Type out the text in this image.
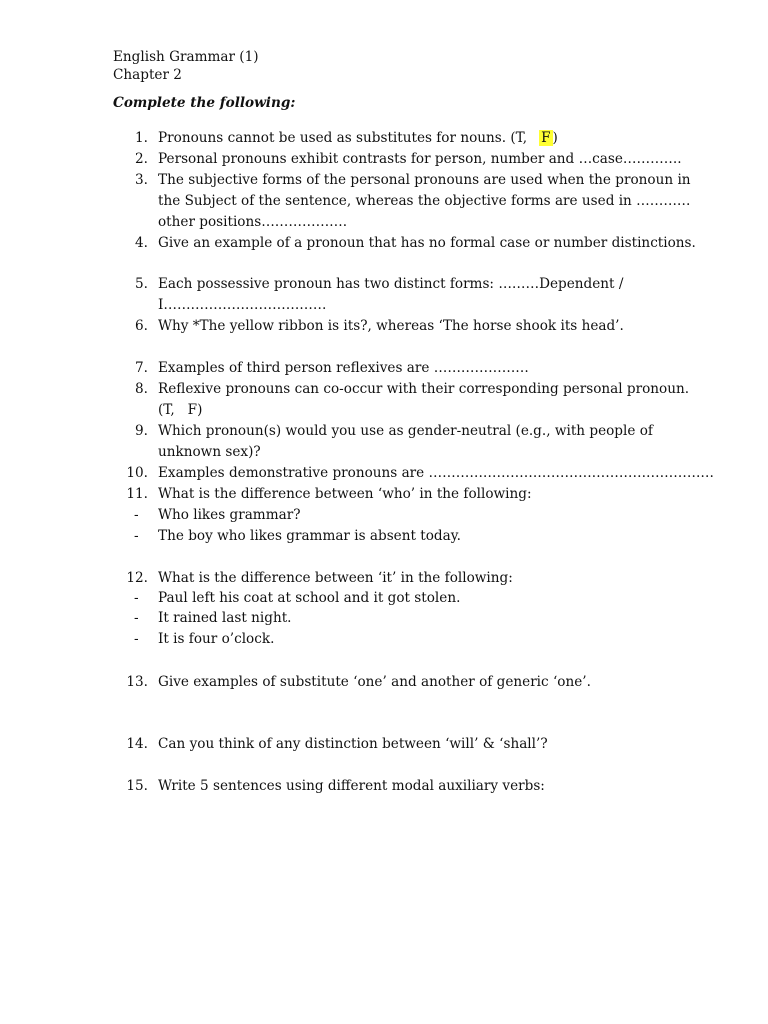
English Grammar (1)
Chapter 2
Complete the following:
1. Pronouns cannot be used as substitutes for nouns. (T, F )
2. Personal pronouns exhibit contrasts for person, number and …case………….
3. The subjective forms of the personal pronouns are used when the pronoun in
the Subject of the sentence, whereas the objective forms are used in …………
other positions……………….
4. Give an example of a pronoun that has no formal case or number distinctions.
5. Each possessive pronoun has two distinct forms: ………Dependent /
I………………………………
6. Why *The yellow ribbon is its?, whereas ‘The horse shook its head’.
7. Examples of third person reflexives are …………………
8. Reflexive pronouns can co-occur with their corresponding personal pronoun.
(T,   F)
9. Which pronoun(s) would you use as gender-neutral (e.g., with people of
unknown sex)?
10. Examples demonstrative pronouns are ………………………………………………………
11. What is the difference between ‘who’ in the following:
- Who likes grammar?
- The boy who likes grammar is absent today.
12. What is the difference between ‘it’ in the following:
- Paul left his coat at school and it got stolen.
- It rained last night.
- It is four o’clock.
13. Give examples of substitute ‘one’ and another of generic ‘one’.
14. Can you think of any distinction between ‘will’ & ‘shall’?
15. Write 5 sentences using different modal auxiliary verbs:
